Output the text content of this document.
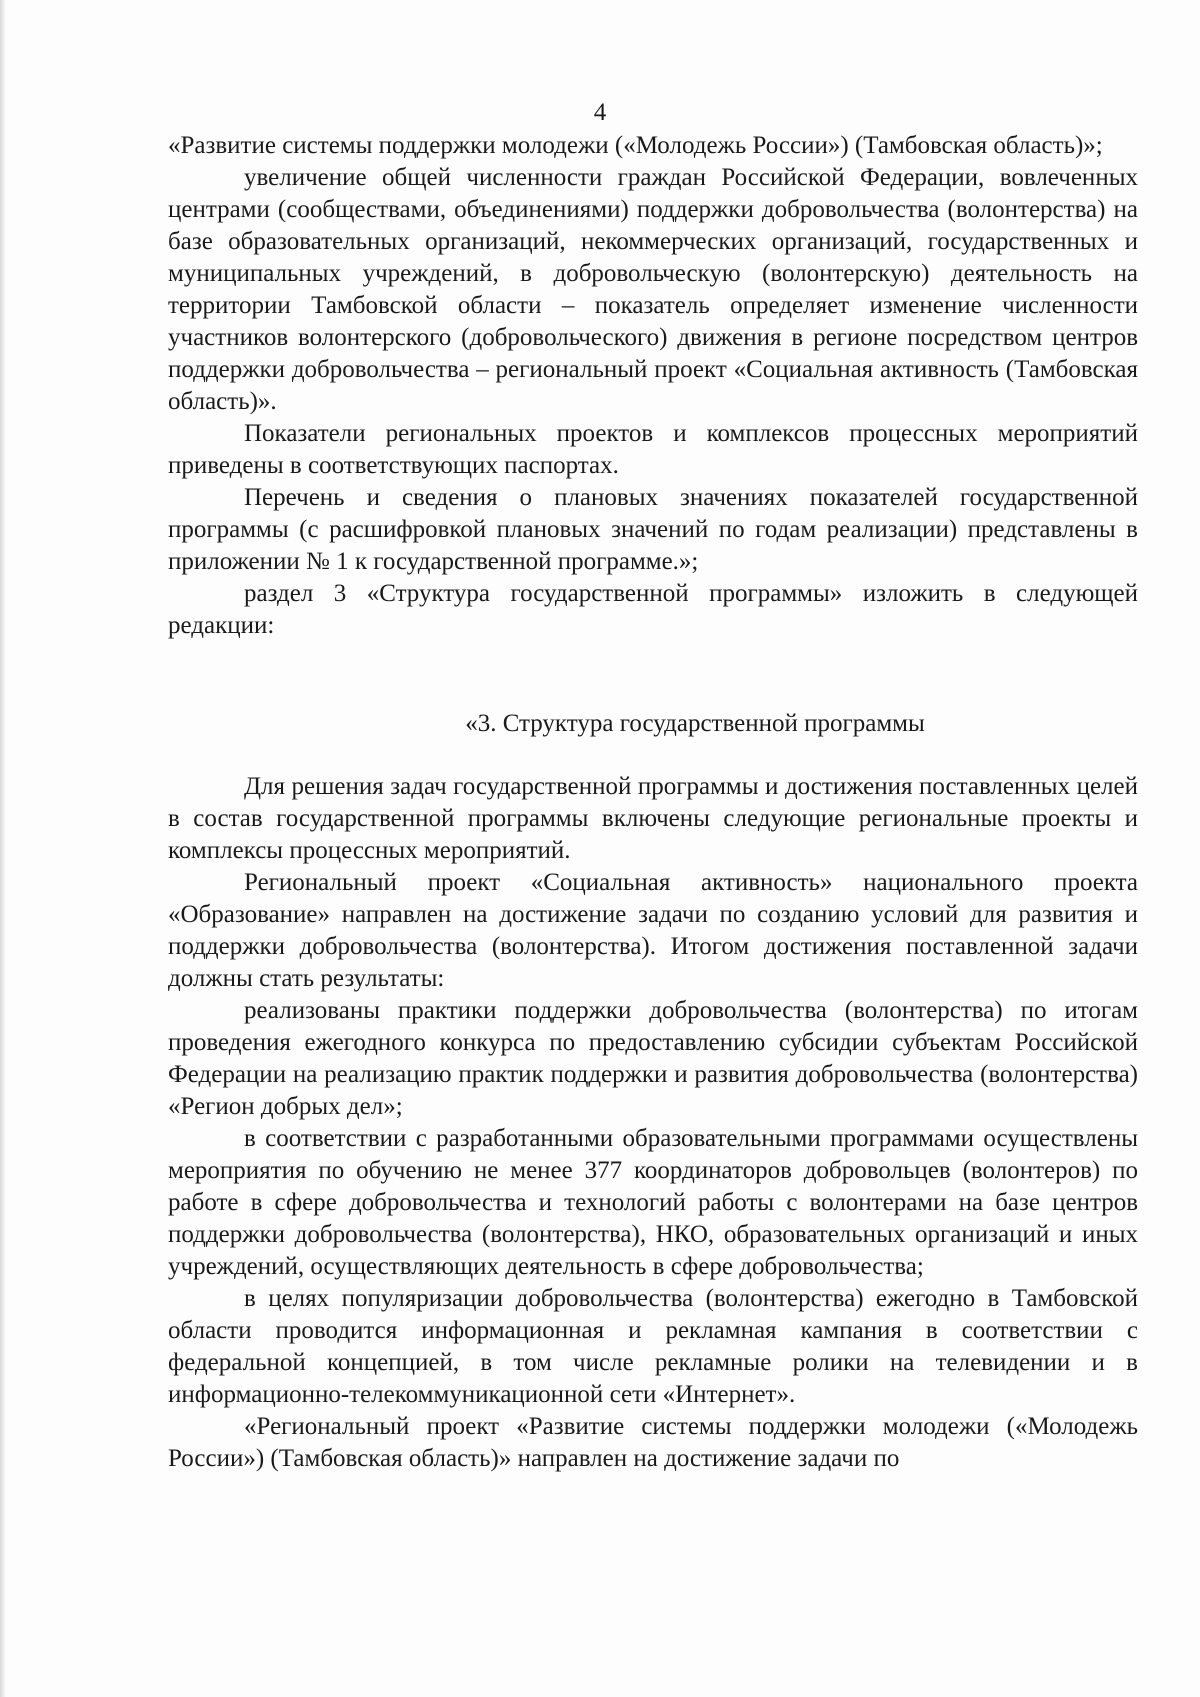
4

«Развитие системы поддержки молодежи («Молодежь России») (Тамбовская область)»;

увеличение общей численности граждан Российской Федерации, вовлеченных центрами (сообществами, объединениями) поддержки добровольчества (волонтерства) на базе образовательных организаций, некоммерческих организаций, государственных и муниципальных учреждений, в добровольческую (волонтерскую) деятельность на территории Тамбовской области – показатель определяет изменение численности участников волонтерского (добровольческого) движения в регионе посредством центров поддержки добровольчества – региональный проект «Социальная активность (Тамбовская область)».

Показатели региональных проектов и комплексов процессных мероприятий приведены в соответствующих паспортах.

Перечень и сведения о плановых значениях показателей государственной программы (с расшифровкой плановых значений по годам реализации) представлены в приложении № 1 к государственной программе.»;

раздел 3 «Структура государственной программы» изложить в следующей редакции:

«3. Структура государственной программы

Для решения задач государственной программы и достижения поставленных целей в состав государственной программы включены следующие региональные проекты и комплексы процессных мероприятий.

Региональный проект «Социальная активность» национального проекта «Образование» направлен на достижение задачи по созданию условий для развития и поддержки добровольчества (волонтерства). Итогом достижения поставленной задачи должны стать результаты:

реализованы практики поддержки добровольчества (волонтерства) по итогам проведения ежегодного конкурса по предоставлению субсидии субъектам Российской Федерации на реализацию практик поддержки и развития добровольчества (волонтерства) «Регион добрых дел»;

в соответствии с разработанными образовательными программами осуществлены мероприятия по обучению не менее 377 координаторов добровольцев (волонтеров) по работе в сфере добровольчества и технологий работы с волонтерами на базе центров поддержки добровольчества (волонтерства), НКО, образовательных организаций и иных учреждений, осуществляющих деятельность в сфере добровольчества;

в целях популяризации добровольчества (волонтерства) ежегодно в Тамбовской области проводится информационная и рекламная кампания в соответствии с федеральной концепцией, в том числе рекламные ролики на телевидении и в информационно-телекоммуникационной сети «Интернет».

«Региональный проект «Развитие системы поддержки молодежи («Молодежь России») (Тамбовская область)» направлен на достижение задачи по
